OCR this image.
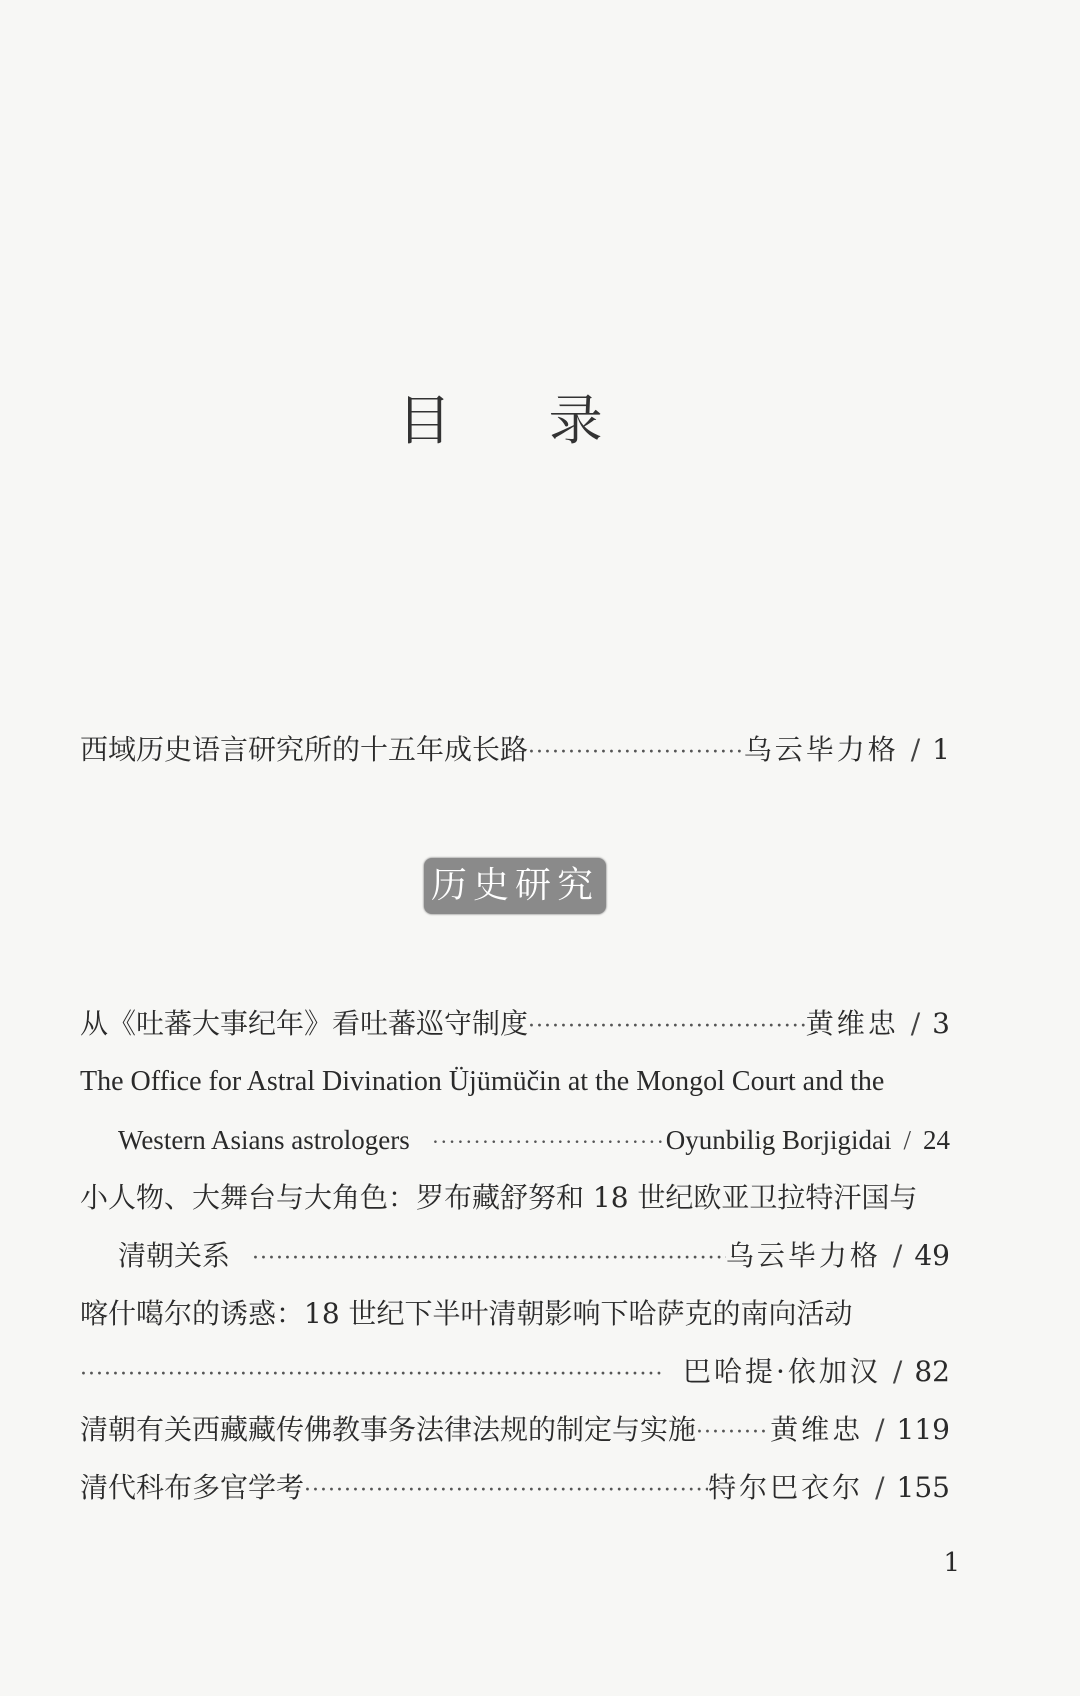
目 录
西域历史语言研究所的十五年成长路 ·····	乌云毕力格 / 1
历史研究
从《吐蕃大事纪年》看吐蕃巡守制度 ·····	黄维忠 / 3
The Office for Astral Divination Üjümüčin at the Mongol Court and the
Western Asians astrologers ·····	Oyunbilig Borjigidai / 24
小人物、大舞台与大角色：罗布藏舒努和 18 世纪欧亚卫拉特汗国与
清朝关系 ·····	乌云毕力格 / 49
喀什噶尔的诱惑：18 世纪下半叶清朝影响下哈萨克的南向活动
·····
巴哈提·依加汉 / 82
清朝有关西藏藏传佛教事务法律法规的制定与实施 ·····	黄维忠 / 119
清代科布多官学考 ·····	特尔巴衣尔 / 155
1
